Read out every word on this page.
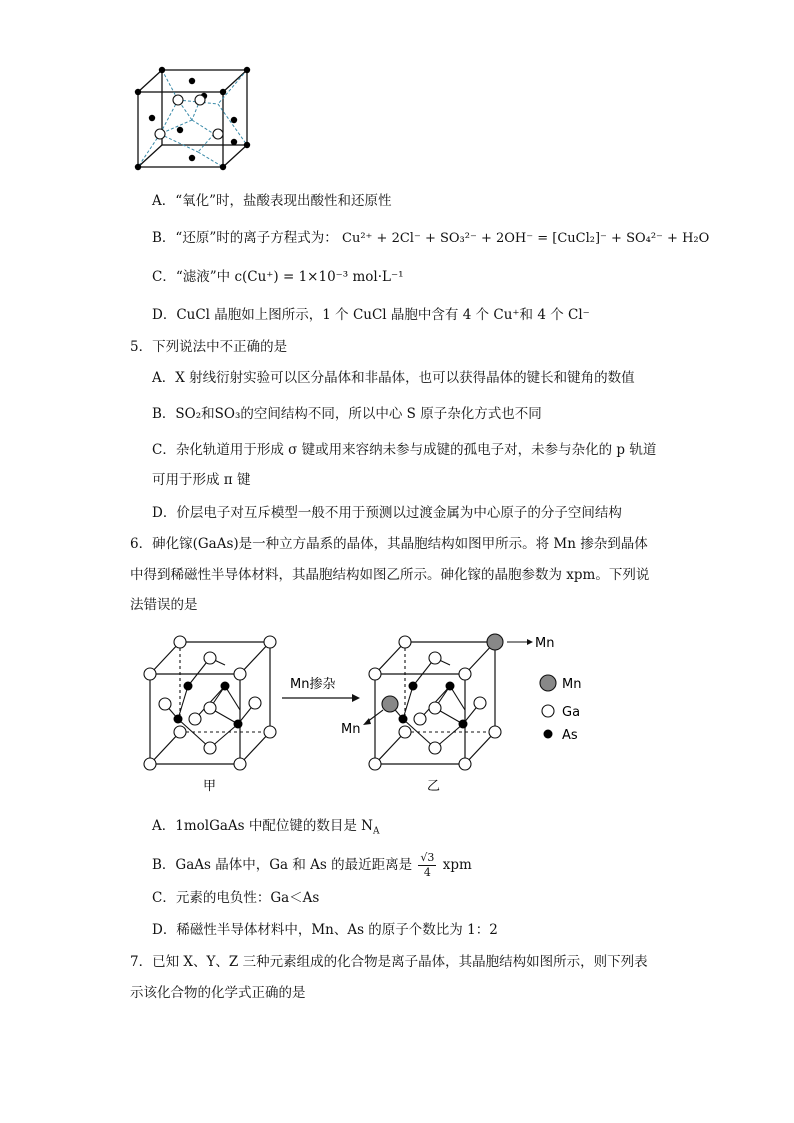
A．“氧化”时，盐酸表现出酸性和还原性
B．“还原”时的离子方程式为： Cu²⁺ + 2Cl⁻ + SO₃²⁻ + 2OH⁻ = [CuCl₂]⁻ + SO₄²⁻ + H₂O
C．“滤液”中 c(Cu⁺) = 1×10⁻³ mol·L⁻¹
D．CuCl 晶胞如上图所示，1 个 CuCl 晶胞中含有 4 个 Cu⁺和 4 个 Cl⁻
5．下列说法中不正确的是
A．X 射线衍射实验可以区分晶体和非晶体，也可以获得晶体的键长和键角的数值
B．SO₂和SO₃的空间结构不同，所以中心 S 原子杂化方式也不同
C．杂化轨道用于形成 σ 键或用来容纳未参与成键的孤电子对，未参与杂化的 p 轨道
可用于形成 π 键
D．价层电子对互斥模型一般不用于预测以过渡金属为中心原子的分子空间结构
6．砷化镓(GaAs)是一种立方晶系的晶体，其晶胞结构如图甲所示。将 Mn 掺杂到晶体
中得到稀磁性半导体材料，其晶胞结构如图乙所示。砷化镓的晶胞参数为 xpm。下列说
法错误的是
甲
Mn掺杂
乙
Mn
Mn
Mn
Ga
As
A．1molGaAs 中配位键的数目是 $N_A$
B．GaAs 晶体中，Ga 和 As 的最近距离是 $\frac{√3}{4}$ xpm
C．元素的电负性：Ga＜As
D．稀磁性半导体材料中，Mn、As 的原子个数比为 1：2
7．已知 X、Y、Z 三种元素组成的化合物是离子晶体，其晶胞结构如图所示，则下列表
示该化合物的化学式正确的是
